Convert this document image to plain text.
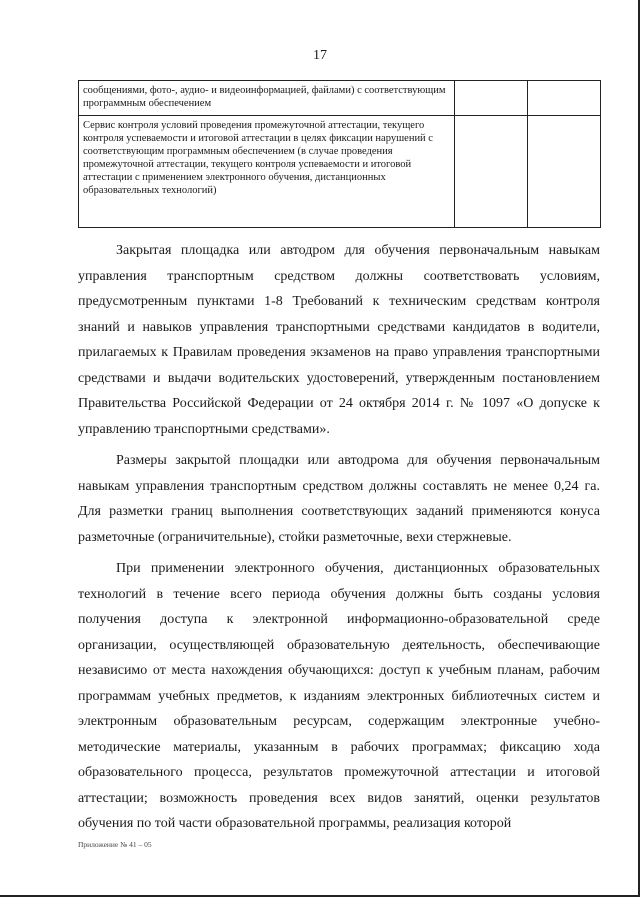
17
сообщениями, фото-, аудио- и видеоинформацией, файлами) с соответствующим программным обеспечением		
Сервис контроля условий проведения промежуточной аттестации, текущего контроля успеваемости и итоговой аттестации в целях фиксации нарушений с соответствующим программным обеспечением (в случае проведения промежуточной аттестации, текущего контроля успеваемости и итоговой аттестации с применением электронного обучения, дистанционных образовательных технологий)		

Закрытая площадка или автодром для обучения первоначальным навыкам управления транспортным средством должны соответствовать условиям, предусмотренным пунктами 1-8 Требований к техническим средствам контроля знаний и навыков управления транспортными средствами кандидатов в водители, прилагаемых к Правилам проведения экзаменов на право управления транспортными средствами и выдачи водительских удостоверений, утвержденным постановлением Правительства Российской Федерации от 24 октября 2014 г. № 1097 «О допуске к управлению транспортными средствами».

Размеры закрытой площадки или автодрома для обучения первоначальным навыкам управления транспортным средством должны составлять не менее 0,24 га. Для разметки границ выполнения соответствующих заданий применяются конуса разметочные (ограничительные), стойки разметочные, вехи стержневые.

При применении электронного обучения, дистанционных образовательных технологий в течение всего периода обучения должны быть созданы условия получения доступа к электронной информационно-образовательной среде организации, осуществляющей образовательную деятельность, обеспечивающие независимо от места нахождения обучающихся: доступ к учебным планам, рабочим программам учебных предметов, к изданиям электронных библиотечных систем и электронным образовательным ресурсам, содержащим электронные учебно-методические материалы, указанным в рабочих программах; фиксацию хода образовательного процесса, результатов промежуточной аттестации и итоговой аттестации; возможность проведения всех видов занятий, оценки результатов обучения по той части образовательной программы, реализация которой

Приложение № 41 – 05
